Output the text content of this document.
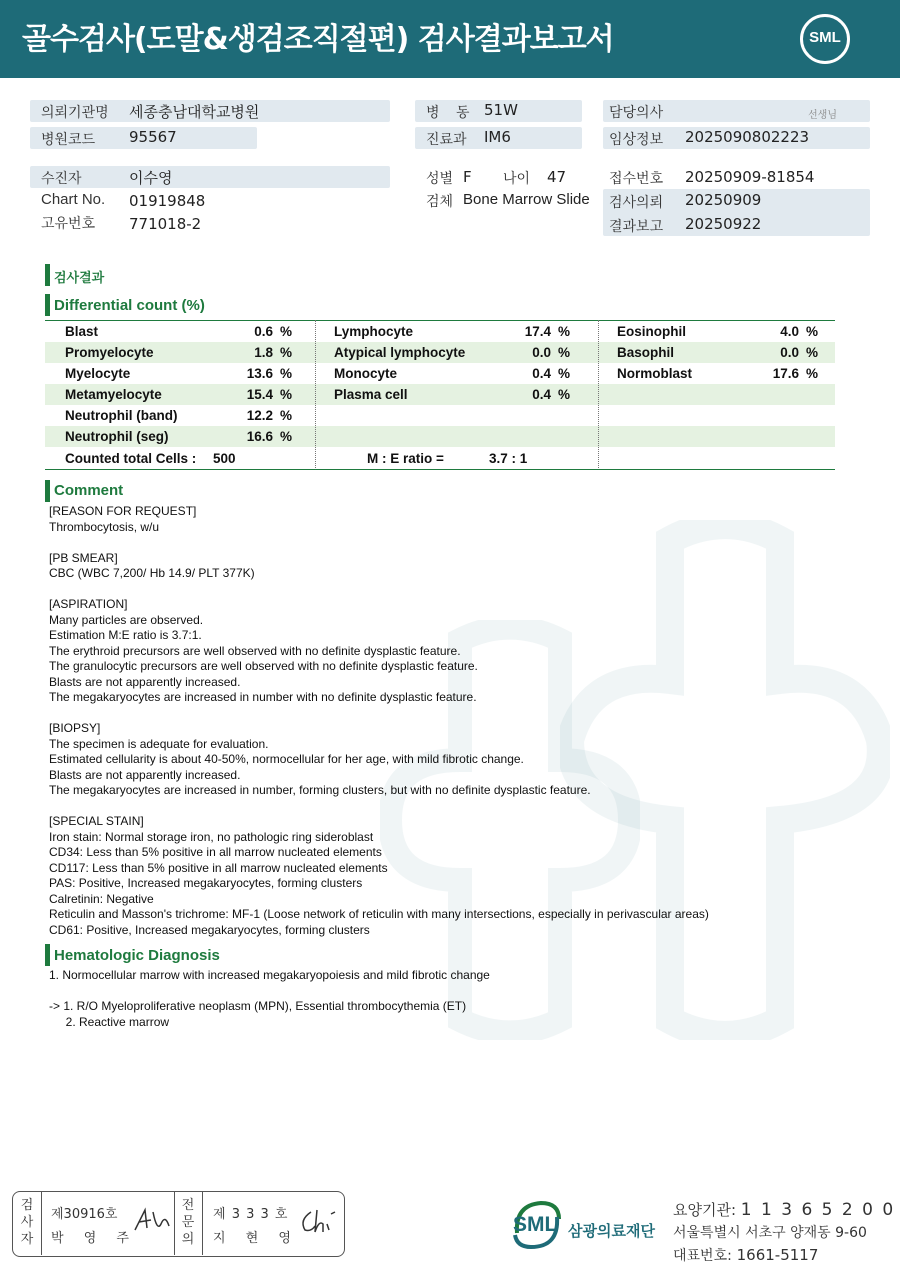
골수검사(도말&생검조직절편) 검사결과보고서	SML
의뢰기관명 세종충남대학교병원
병원코드 95567
병 동 51W
진료과 IM6
담당의사	선생님
임상정보 2025090802223
수진자	이수영
Chart No. 01919848
고유번호 771018-2
성별 F 나이 47
검체 Bone Marrow Slide
접수번호 20250909-81854
검사의뢰 20250909
결과보고 20250922
검사결과
Differential count (%)
Blast	0.6 %	Lymphocyte	17.4 %	Eosinophil	4.0 %
Promyelocyte	1.8 %	Atypical lymphocyte	0.0 %	Basophil	0.0 %
Myelocyte	13.6 %	Monocyte	0.4 %	Normoblast	17.6 %
Metamyelocyte	15.4 %	Plasma cell	0.4 %
Neutrophil (band)	12.2 %
Neutrophil (seg)	16.6 %
Counted total Cells : 500	M : E ratio =	3.7 : 1
Comment
[REASON FOR REQUEST]
Thrombocytosis, w/u
[PB SMEAR]
CBC (WBC 7,200/ Hb 14.9/ PLT 377K)
[ASPIRATION]
Many particles are observed.
Estimation M:E ratio is 3.7:1.
The erythroid precursors are well observed with no definite dysplastic feature.
The granulocytic precursors are well observed with no definite dysplastic feature.
Blasts are not apparently increased.
The megakaryocytes are increased in number with no definite dysplastic feature.
[BIOPSY]
The specimen is adequate for evaluation.
Estimated cellularity is about 40-50%, normocellular for her age, with mild fibrotic change.
Blasts are not apparently increased.
The megakaryocytes are increased in number, forming clusters, but with no definite dysplastic feature.
[SPECIAL STAIN]
Iron stain: Normal storage iron, no pathologic ring sideroblast
CD34: Less than 5% positive in all marrow nucleated elements
CD117: Less than 5% positive in all marrow nucleated elements
PAS: Positive, Increased megakaryocytes, forming clusters
Calretinin: Negative
Reticulin and Masson's trichrome: MF-1 (Loose network of reticulin with many intersections, especially in perivascular areas)
CD61: Positive, Increased megakaryocytes, forming clusters
Hematologic Diagnosis
1. Normocellular marrow with increased megakaryopoiesis and mild fibrotic change
-> 1. R/O Myeloproliferative neoplasm (MPN), Essential thrombocythemia (ET)
2. Reactive marrow
검
사
자
제30916호
박 영 주
전
문
의
제 3 3 3 호
지 현 영
SML 삼광의료재단
요양기관: 1 1 3 6 5 2 0 0
서울특별시 서초구 양재동 9-60
대표번호: 1661-5117
